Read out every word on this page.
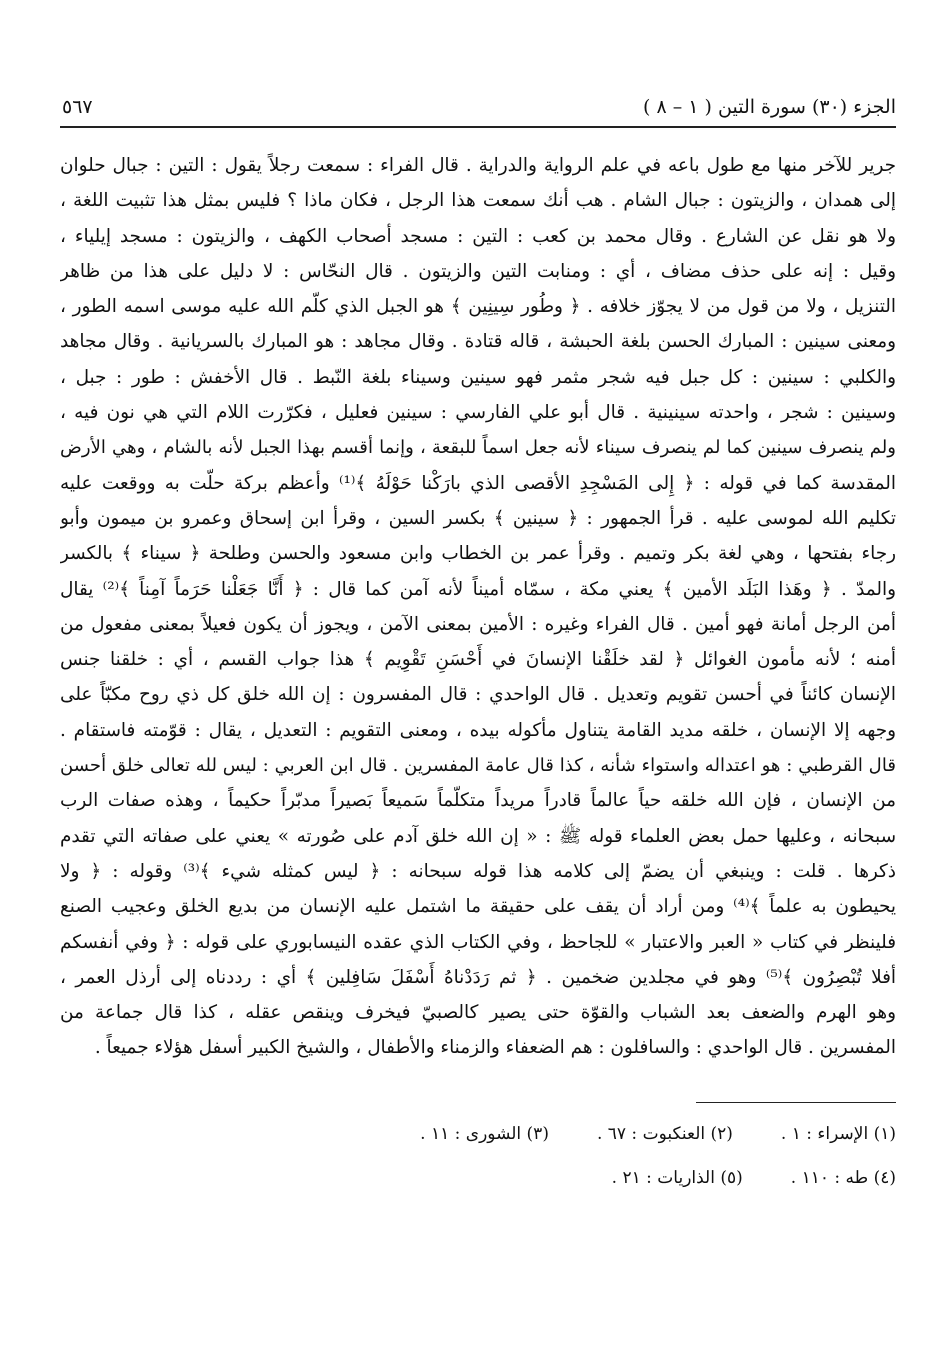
الجزء (٣٠) سورة التين ( ١ – ٨ )
٥٦٧
جرير للآخر منها مع طول باعه في علم الرواية والدراية . قال الفراء : سمعت رجلاً يقول : التين : جبال حلوان
إلى همدان ، والزيتون : جبال الشام . هب أنك سمعت هذا الرجل ، فكان ماذا ؟ فليس بمثل هذا تثبيت اللغة ،
ولا هو نقل عن الشارع . وقال محمد بن كعب : التين : مسجد أصحاب الكهف ، والزيتون : مسجد إيلياء ،
وقيل : إنه على حذف مضاف ، أي : ومنابت التين والزيتون . قال النحّاس : لا دليل على هذا من ظاهر
التنزيل ، ولا من قول من لا يجوّز خلافه . ﴿ وطُور سِينِين ﴾ هو الجبل الذي كلّم الله عليه موسى اسمه الطور ،
ومعنى سينين : المبارك الحسن بلغة الحبشة ، قاله قتادة . وقال مجاهد : هو المبارك بالسريانية . وقال مجاهد
والكلبي : سينين : كل جبل فيه شجر مثمر فهو سينين وسيناء بلغة النّبط . قال الأخفش : طور : جبل ،
وسينين : شجر ، واحدته سينينية . قال أبو علي الفارسي : سينين فعليل ، فكرّرت اللام التي هي نون فيه ،
ولم ينصرف سينين كما لم ينصرف سيناء لأنه جعل اسماً للبقعة ، وإنما أقسم بهذا الجبل لأنه بالشام ، وهي الأرض
المقدسة كما في قوله : ﴿ إِلى المَسْجِدِ الأقصى الذي بارَكْنا حَوْلَهُ ﴾⁽¹⁾ وأعظم بركة حلّت به ووقعت عليه
تكليم الله لموسى عليه . قرأ الجمهور : ﴿ سينين ﴾ بكسر السين ، وقرأ ابن إسحاق وعمرو بن ميمون وأبو
رجاء بفتحها ، وهي لغة بكر وتميم . وقرأ عمر بن الخطاب وابن مسعود والحسن وطلحة ﴿ سيناء ﴾ بالكسر
والمدّ . ﴿ وهَذا البَلَد الأمين ﴾ يعني مكة ، سمّاه أميناً لأنه آمن كما قال : ﴿ أَنَّا جَعَلْنا حَرَماً آمِناً ﴾⁽²⁾ يقال
أمن الرجل أمانة فهو أمين . قال الفراء وغيره : الأمين بمعنى الآمن ، ويجوز أن يكون فعيلاً بمعنى مفعول من
أمنه ؛ لأنه مأمون الغوائل ﴿ لقد خلَقْنا الإنسانَ في أَحْسَنِ تَقْوِيم ﴾ هذا جواب القسم ، أي : خلقنا جنس
الإنسان كائناً في أحسن تقويم وتعديل . قال الواحدي : قال المفسرون : إن الله خلق كل ذي روح مكبّاً على
وجهه إلا الإنسان ، خلقه مديد القامة يتناول مأكوله بيده ، ومعنى التقويم : التعديل ، يقال : قوّمته فاستقام .
قال القرطبي : هو اعتداله واستواء شأنه ، كذا قال عامة المفسرين . قال ابن العربي : ليس لله تعالى خلق أحسن
من الإنسان ، فإن الله خلقه حياً عالماً قادراً مريداً متكلّماً سَميعاً بَصيراً مدبّراً حكيماً ، وهذه صفات الرب
سبحانه ، وعليها حمل بعض العلماء قوله ﷺ : « إن الله خلق آدم على صُورته » يعني على صفاته التي تقدم
ذكرها . قلت : وينبغي أن يضمّ إلى كلامه هذا قوله سبحانه : ﴿ ليس كمثله شيء ﴾⁽³⁾ وقوله : ﴿ ولا
يحيطون به علماً ﴾⁽⁴⁾ ومن أراد أن يقف على حقيقة ما اشتمل عليه الإنسان من بديع الخلق وعجيب الصنع
فلينظر في كتاب « العبر والاعتبار » للجاحظ ، وفي الكتاب الذي عقده النيسابوري على قوله : ﴿ وفي أنفسكم
أفلا تُبْصِرُون ﴾⁽⁵⁾ وهو في مجلدين ضخمين . ﴿ ثم رَدَدْناهُ أَسْفَلَ سَافِلين ﴾ أي : رددناه إلى أرذل العمر ،
وهو الهرم والضعف بعد الشباب والقوّة حتى يصير كالصبيّ فيخرف وينقص عقله ، كذا قال جماعة من
المفسرين . قال الواحدي : والسافلون : هم الضعفاء والزمناء والأطفال ، والشيخ الكبير أسفل هؤلاء جميعاً .
(١) الإسراء : ١ .
(٢) العنكبوت : ٦٧ .
(٣) الشورى : ١١ .
(٤) طه : ١١٠ .
(٥) الذاريات : ٢١ .
